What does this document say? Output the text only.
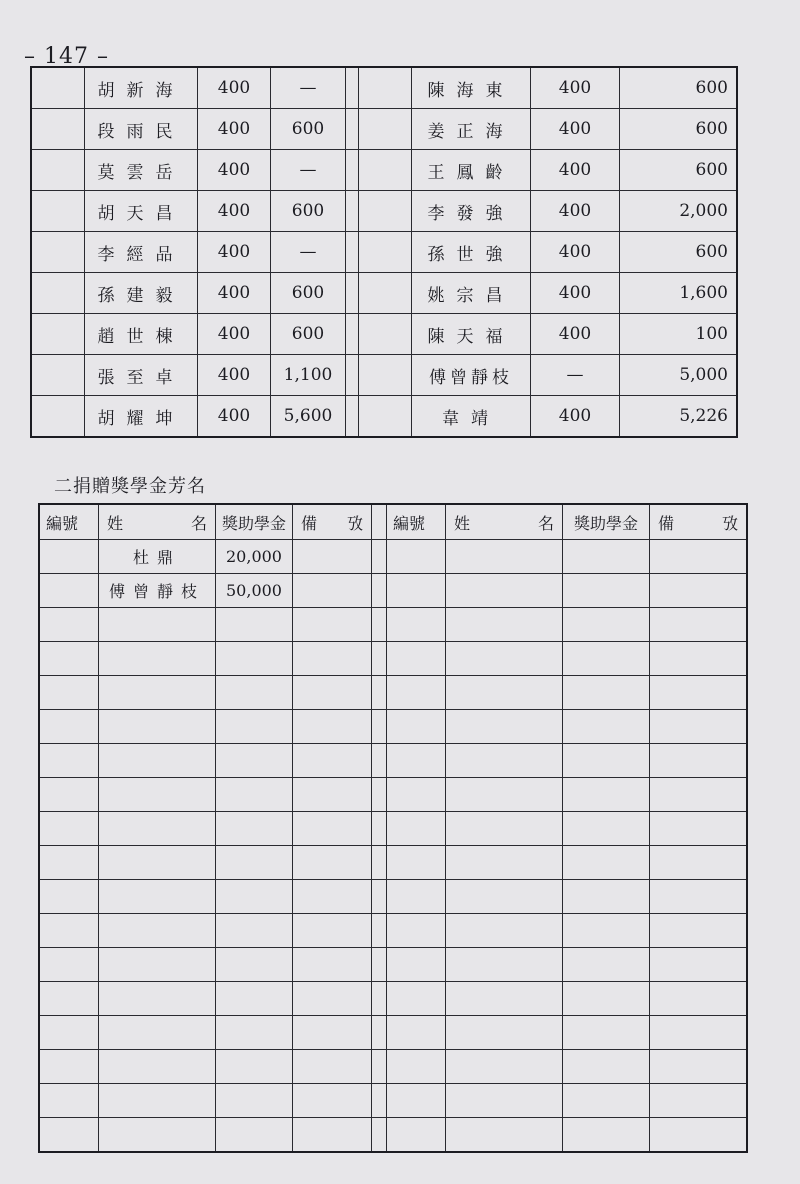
– 147 –
	胡新海	400	—			陳海東	400	600
	段雨民	400	600			姜正海	400	600
	莫雲岳	400	—			王鳳齡	400	600
	胡天昌	400	600			李發強	400	2,000
	李經品	400	—			孫世強	400	600
	孫建毅	400	600			姚宗昌	400	1,600
	趙世棟	400	600			陳天福	400	100
	張至卓	400	1,100			傅曾靜枝	—	5,000
	胡耀坤	400	5,600			韋靖	400	5,226
二捐贈獎學金芳名
編號	姓 名	獎助學金	備 攷		編號	姓 名	獎助學金	備 攷

	杜鼎	20,000						
	傅曾靜枝	50,000						
